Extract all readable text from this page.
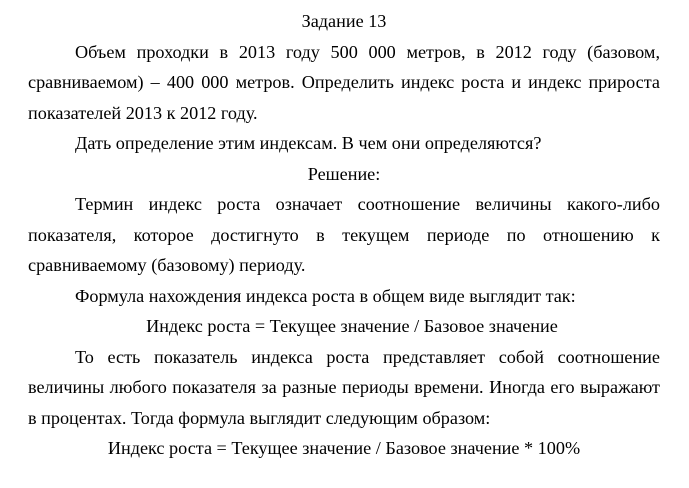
Задание 13

Объем проходки в 2013 году 500 000 метров, в 2012 году (базовом, сравниваемом) – 400 000 метров. Определить индекс роста и индекс прироста показателей 2013 к 2012 году.

Дать определение этим индексам. В чем они определяются?

Решение:

Термин индекс роста означает соотношение величины какого-либо показателя, которое достигнуто в текущем периоде по отношению к сравниваемому (базовому) периоду.

Формула нахождения индекса роста в общем виде выглядит так:

Индекс роста = Текущее значение / Базовое значение

То есть показатель индекса роста представляет собой соотношение величины любого показателя за разные периоды времени. Иногда его выражают в процентах. Тогда формула выглядит следующим образом:

Индекс роста = Текущее значение / Базовое значение * 100%
